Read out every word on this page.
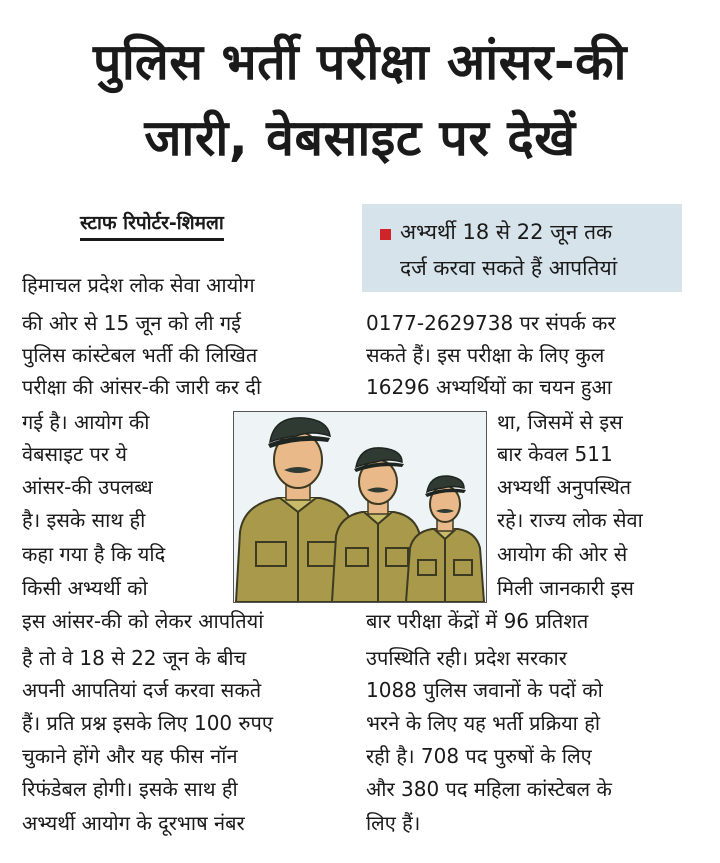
पुलिस भर्ती परीक्षा आंसर-की
जारी, वेबसाइट पर देखें
स्टाफ रिपोर्टर-शिमला	अभ्यर्थी 18 से 22 जून तक
दर्ज करवा सकते हैं आपतियां
हिमाचल प्रदेश लोक सेवा आयोग
की ओर से 15 जून को ली गई
पुलिस कांस्टेबल भर्ती की लिखित
परीक्षा की आंसर-की जारी कर दी
गई है। आयोग की
वेबसाइट पर ये
आंसर-की उपलब्ध
है। इसके साथ ही
कहा गया है कि यदि
किसी अभ्यर्थी को
इस आंसर-की को लेकर आपतियां
है तो वे 18 से 22 जून के बीच
अपनी आपतियां दर्ज करवा सकते
हैं। प्रति प्रश्न इसके लिए 100 रुपए
चुकाने होंगे और यह फीस नॉन
रिफंडेबल होगी। इसके साथ ही
अभ्यर्थी आयोग के दूरभाष नंबर
0177-2629738 पर संपर्क कर
सकते हैं। इस परीक्षा के लिए कुल
16296 अभ्यर्थियों का चयन हुआ
था, जिसमें से इस
बार केवल 511
अभ्यर्थी अनुपस्थित
रहे। राज्य लोक सेवा
आयोग की ओर से
मिली जानकारी इस
बार परीक्षा केंद्रों में 96 प्रतिशत
उपस्थिति रही। प्रदेश सरकार
1088 पुलिस जवानों के पदों को
भरने के लिए यह भर्ती प्रक्रिया हो
रही है। 708 पद पुरुषों के लिए
और 380 पद महिला कांस्टेबल के
लिए हैं।
